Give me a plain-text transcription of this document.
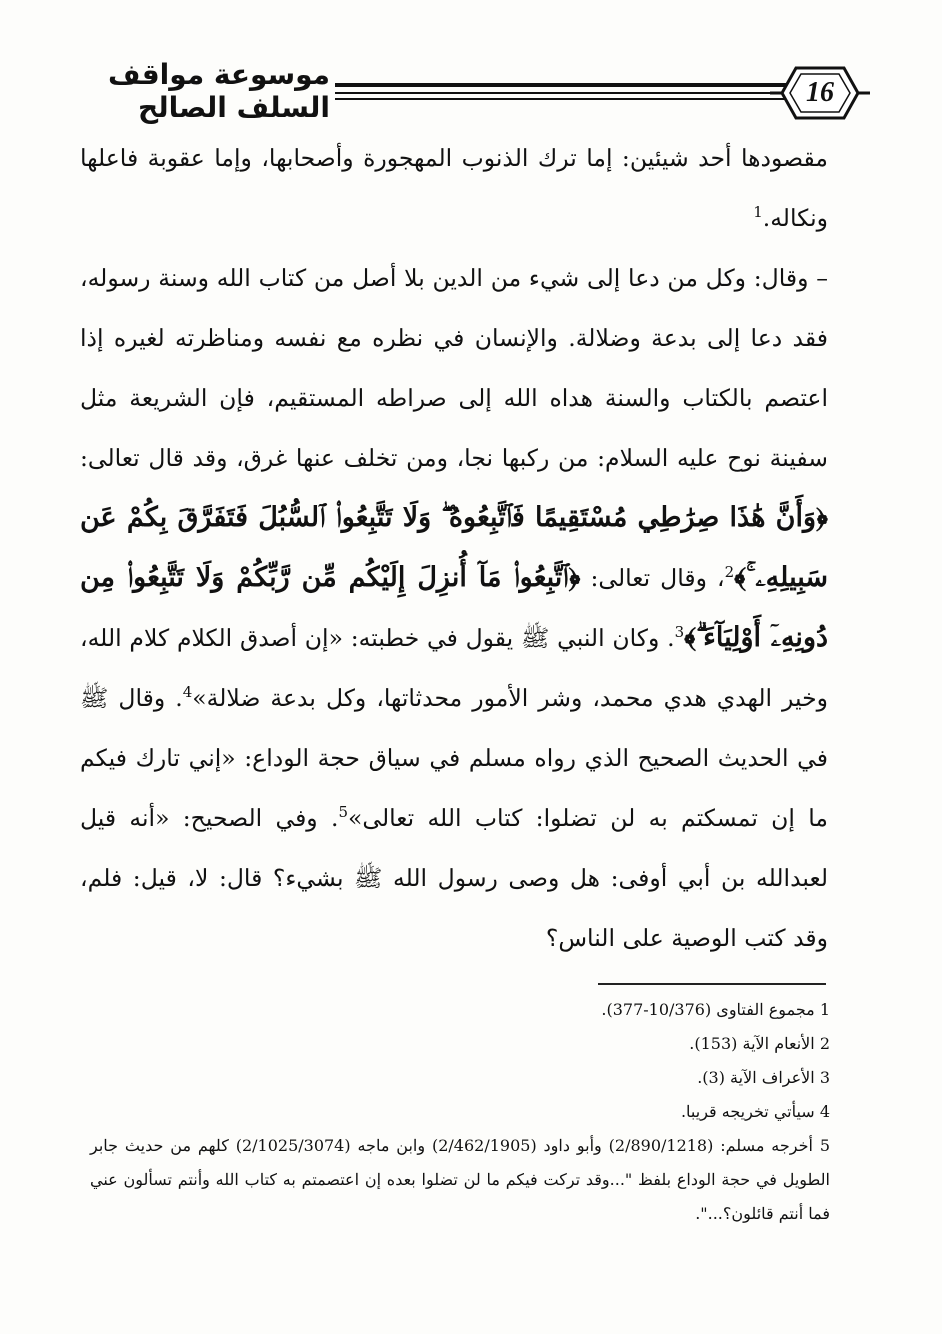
موسوعة مواقف السلف الصالح	16

مقصودها أحد شيئين: إما ترك الذنوب المهجورة وأصحابها، وإما عقوبة فاعلها ونكاله.$^1$

– وقال: وكل من دعا إلى شيء من الدين بلا أصل من كتاب الله وسنة رسوله، فقد دعا إلى بدعة وضلالة. والإنسان في نظره مع نفسه ومناظرته لغيره إذا اعتصم بالكتاب والسنة هداه الله إلى صراطه المستقيم، فإن الشريعة مثل سفينة نوح عليه السلام: من ركبها نجا، ومن تخلف عنها غرق، وقد قال تعالى: ﴿وَأَنَّ هَٰذَا صِرَٰطِي مُسْتَقِيمًا فَٱتَّبِعُوهُ ۖ وَلَا تَتَّبِعُوا۟ ٱلسُّبُلَ فَتَفَرَّقَ بِكُمْ عَن سَبِيلِهِۦ ۚ﴾$^2$، وقال تعالى: ﴿ٱتَّبِعُوا۟ مَآ أُنزِلَ إِلَيْكُم مِّن رَّبِّكُمْ وَلَا تَتَّبِعُوا۟ مِن دُونِهِۦٓ أَوْلِيَآءَ ۗ﴾$^3$. وكان النبي ﷺ يقول في خطبته: «إن أصدق الكلام كلام الله، وخير الهدي هدي محمد، وشر الأمور محدثاتها، وكل بدعة ضلالة»$^4$. وقال ﷺ في الحديث الصحيح الذي رواه مسلم في سياق حجة الوداع: «إني تارك فيكم ما إن تمسكتم به لن تضلوا: كتاب الله تعالى»$^5$. وفي الصحيح: «أنه قيل لعبدالله بن أبي أوفى: هل وصى رسول الله ﷺ بشيء؟ قال: لا، قيل: فلم، وقد كتب الوصية على الناس؟

1 مجموع الفتاوى (10/376-377).
2 الأنعام الآية (153).
3 الأعراف الآية (3).
4 سيأتي تخريجه قريبا.
5 أخرجه مسلم: (2/890/1218) وأبو داود (2/462/1905) وابن ماجه (2/1025/3074) كلهم من حديث جابر الطويل في حجة الوداع بلفظ "...وقد تركت فيكم ما لن تضلوا بعده إن اعتصمتم به كتاب الله وأنتم تسألون عني فما أنتم قائلون؟...".
